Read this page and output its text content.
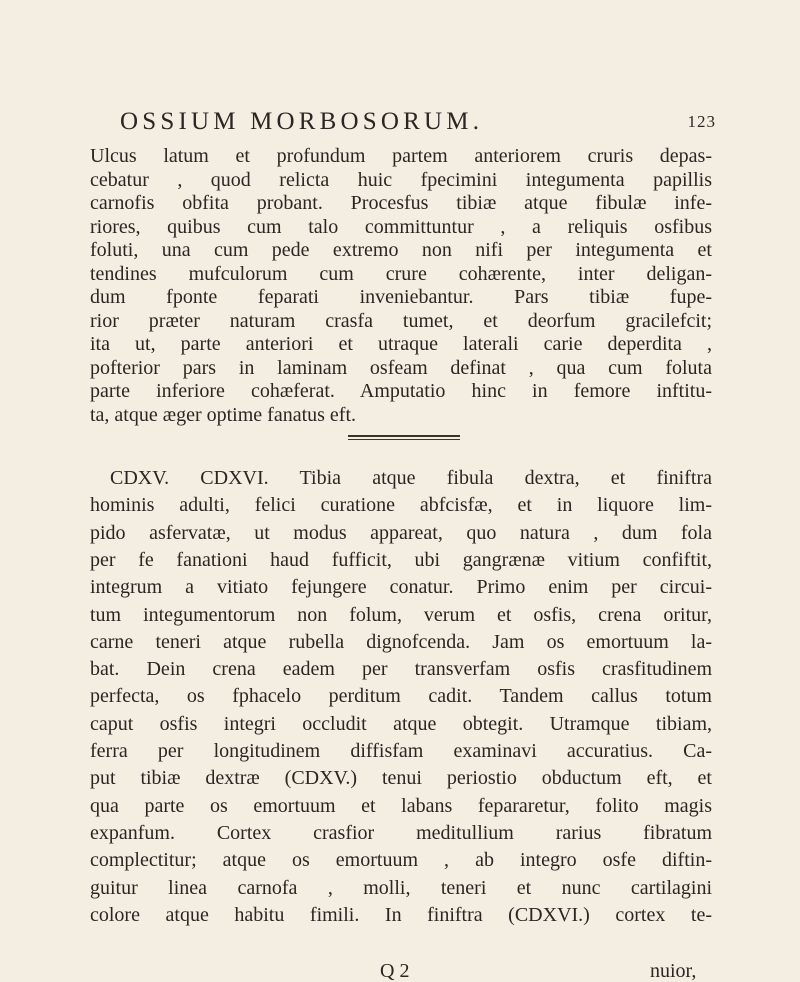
OSSIUM MORBOSORUM.	123
Ulcus latum et profundum partem anteriorem cruris depas-
cebatur , quod relicta huic fpecimini integumenta papillis
carnofis obfita probant. Procesfus tibiæ atque fibulæ infe-
riores, quibus cum talo committuntur , a reliquis osfibus
foluti, una cum pede extremo non nifi per integumenta et
tendines mufculorum cum crure cohærente, inter deligan-
dum fponte feparati inveniebantur. Pars tibiæ fupe-
rior præter naturam crasfa tumet, et deorfum gracilefcit;
ita ut, parte anteriori et utraque laterali carie deperdita ,
pofterior pars in laminam osfeam definat , qua cum foluta
parte inferiore cohæferat. Amputatio hinc in femore inftitu-
ta, atque æger optime fanatus eft.
CDXV. CDXVI. Tibia atque fibula dextra, et finiftra
hominis adulti, felici curatione abfcisfæ, et in liquore lim-
pido asfervatæ, ut modus appareat, quo natura , dum fola
per fe fanationi haud fufficit, ubi gangrænæ vitium confiftit,
integrum a vitiato fejungere conatur. Primo enim per circui-
tum integumentorum non folum, verum et osfis, crena oritur,
carne teneri atque rubella dignofcenda. Jam os emortuum la-
bat. Dein crena eadem per transverfam osfis crasfitudinem
perfecta, os fphacelo perditum cadit. Tandem callus totum
caput osfis integri occludit atque obtegit. Utramque tibiam,
ferra per longitudinem diffisfam examinavi accuratius. Ca-
put tibiæ dextræ (CDXV.) tenui periostio obductum eft, et
qua parte os emortuum et labans fepararetur, folito magis
expanfum. Cortex crasfior meditullium rarius fibratum
complectitur; atque os emortuum , ab integro osfe diftin-
guitur linea carnofa , molli, teneri et nunc cartilagini
colore atque habitu fimili. In finiftra (CDXVI.) cortex te-
Q 2	nuior,
